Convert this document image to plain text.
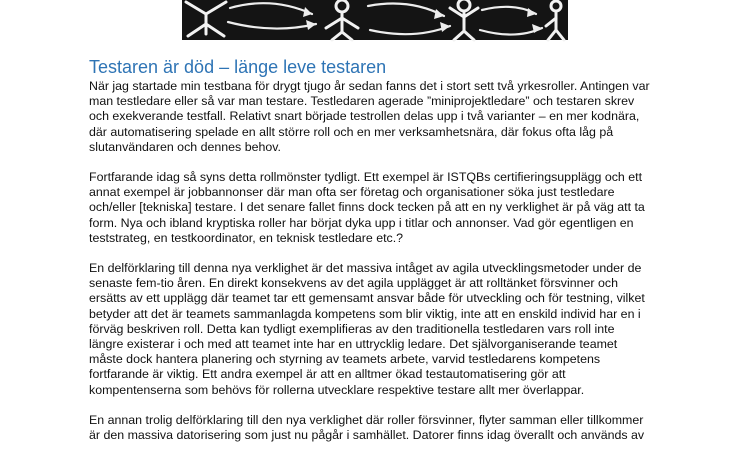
Testaren är död – länge leve testaren

När jag startade min testbana för drygt tjugo år sedan fanns det i stort sett två yrkesroller. Antingen var
man testledare eller så var man testare. Testledaren agerade ”miniprojektledare” och testaren skrev
och exekverande testfall. Relativt snart började testrollen delas upp i två varianter – en mer kodnära,
där automatisering spelade en allt större roll och en mer verksamhetsnära, där fokus ofta låg på
slutanvändaren och dennes behov.

Fortfarande idag så syns detta rollmönster tydligt. Ett exempel är ISTQBs certifieringsupplägg och ett
annat exempel är jobbannonser där man ofta ser företag och organisationer söka just testledare
och/eller [tekniska] testare. I det senare fallet finns dock tecken på att en ny verklighet är på väg att ta
form. Nya och ibland kryptiska roller har börjat dyka upp i titlar och annonser. Vad gör egentligen en
teststrateg, en testkoordinator, en teknisk testledare etc.?

En delförklaring till denna nya verklighet är det massiva intåget av agila utvecklingsmetoder under de
senaste fem-tio åren. En direkt konsekvens av det agila upplägget är att rolltänket försvinner och
ersätts av ett upplägg där teamet tar ett gemensamt ansvar både för utveckling och för testning, vilket
betyder att det är teamets sammanlagda kompetens som blir viktig, inte att en enskild individ har en i
förväg beskriven roll. Detta kan tydligt exemplifieras av den traditionella testledaren vars roll inte
längre existerar i och med att teamet inte har en uttrycklig ledare. Det självorganiserande teamet
måste dock hantera planering och styrning av teamets arbete, varvid testledarens kompetens
fortfarande är viktig. Ett andra exempel är att en alltmer ökad testautomatisering gör att
kompentenserna som behövs för rollerna utvecklare respektive testare allt mer överlappar.

En annan trolig delförklaring till den nya verklighet där roller försvinner, flyter samman eller tillkommer
är den massiva datorisering som just nu pågår i samhället. Datorer finns idag överallt och används av
